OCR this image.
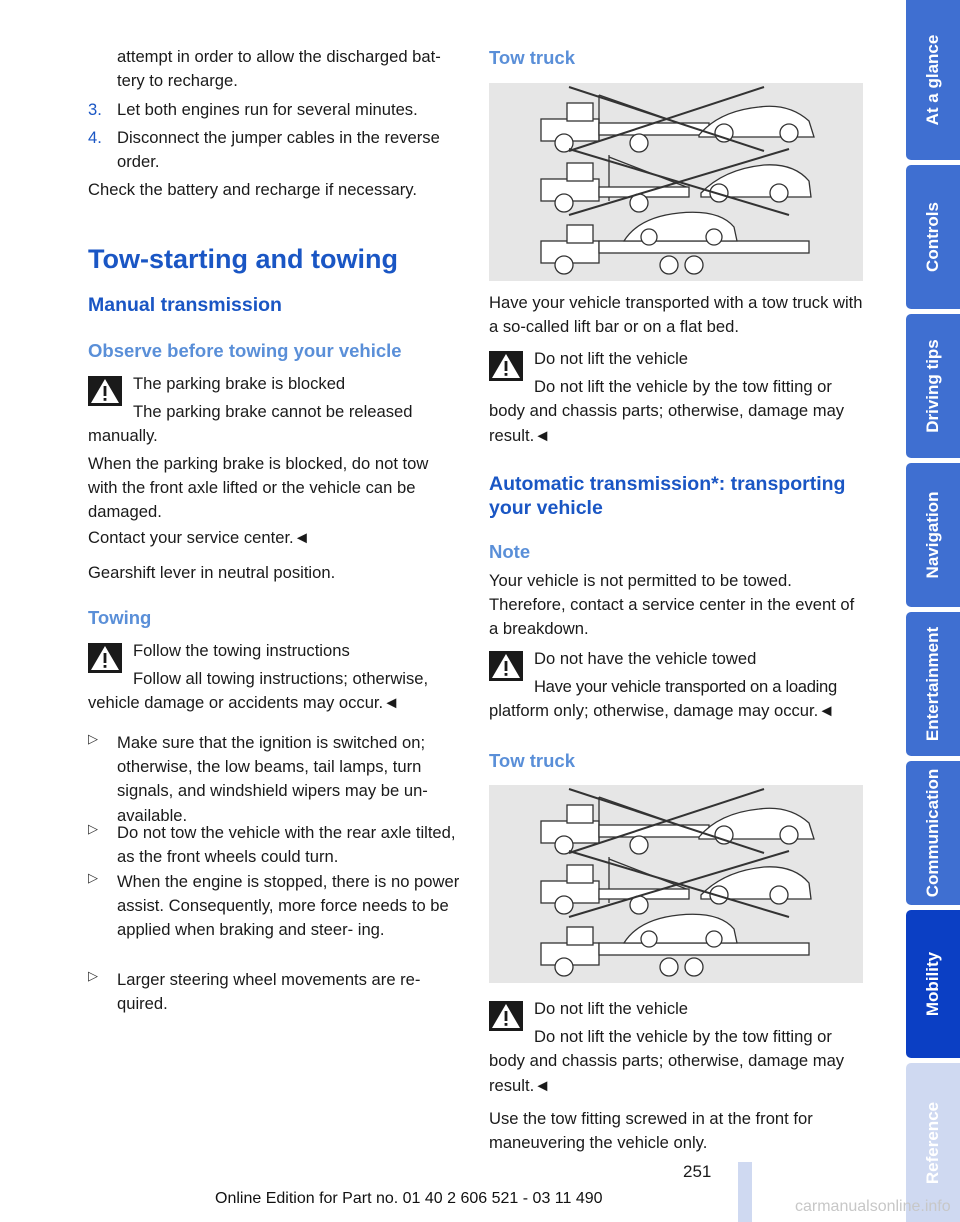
attempt in order to allow the discharged bat‐

tery to recharge.

3. Let both engines run for several minutes.

4. Disconnect the jumper cables in the reverse

order.

Check the battery and recharge if necessary.

Tow-starting and towing
Manual transmission
Observe before towing your vehicle

The parking brake is blocked

The parking brake cannot be released

manually.

When the parking brake is blocked, do not tow with the front axle lifted or the vehicle can be damaged.

Contact your service center.◄

Gearshift lever in neutral position.

Towing

Follow the towing instructions

Follow all towing instructions; otherwise,

vehicle damage or accidents may occur.◄

▷ Make sure that the ignition is switched on; otherwise, the low beams, tail lamps, turn signals, and windshield wipers may be un‐ available.

▷ Do not tow the vehicle with the rear axle tilted, as the front wheels could turn.

▷ When the engine is stopped, there is no power assist. Consequently, more force needs to be applied when braking and steer‐ ing.

▷ Larger steering wheel movements are re‐ quired.

Tow truck

Have your vehicle transported with a tow truck with a so-called lift bar or on a flat bed.

Do not lift the vehicle

Do not lift the vehicle by the tow fitting or

body and chassis parts; otherwise, damage may result.◄

Automatic transmission*: transporting your vehicle
Note

Your vehicle is not permitted to be towed. Therefore, contact a service center in the event of a breakdown.

Do not have the vehicle towed

Have your vehicle transported on a loading

platform only; otherwise, damage may occur.◄

Tow truck

Do not lift the vehicle

Do not lift the vehicle by the tow fitting or

body and chassis parts; otherwise, damage may result.◄

Use the tow fitting screwed in at the front for maneuvering the vehicle only.

At a glance
Controls
Driving tips
Navigation
Entertainment
Communication
Mobility
Reference
251
Online Edition for Part no. 01 40 2 606 521 - 03 11 490	carmanualsonline.info
